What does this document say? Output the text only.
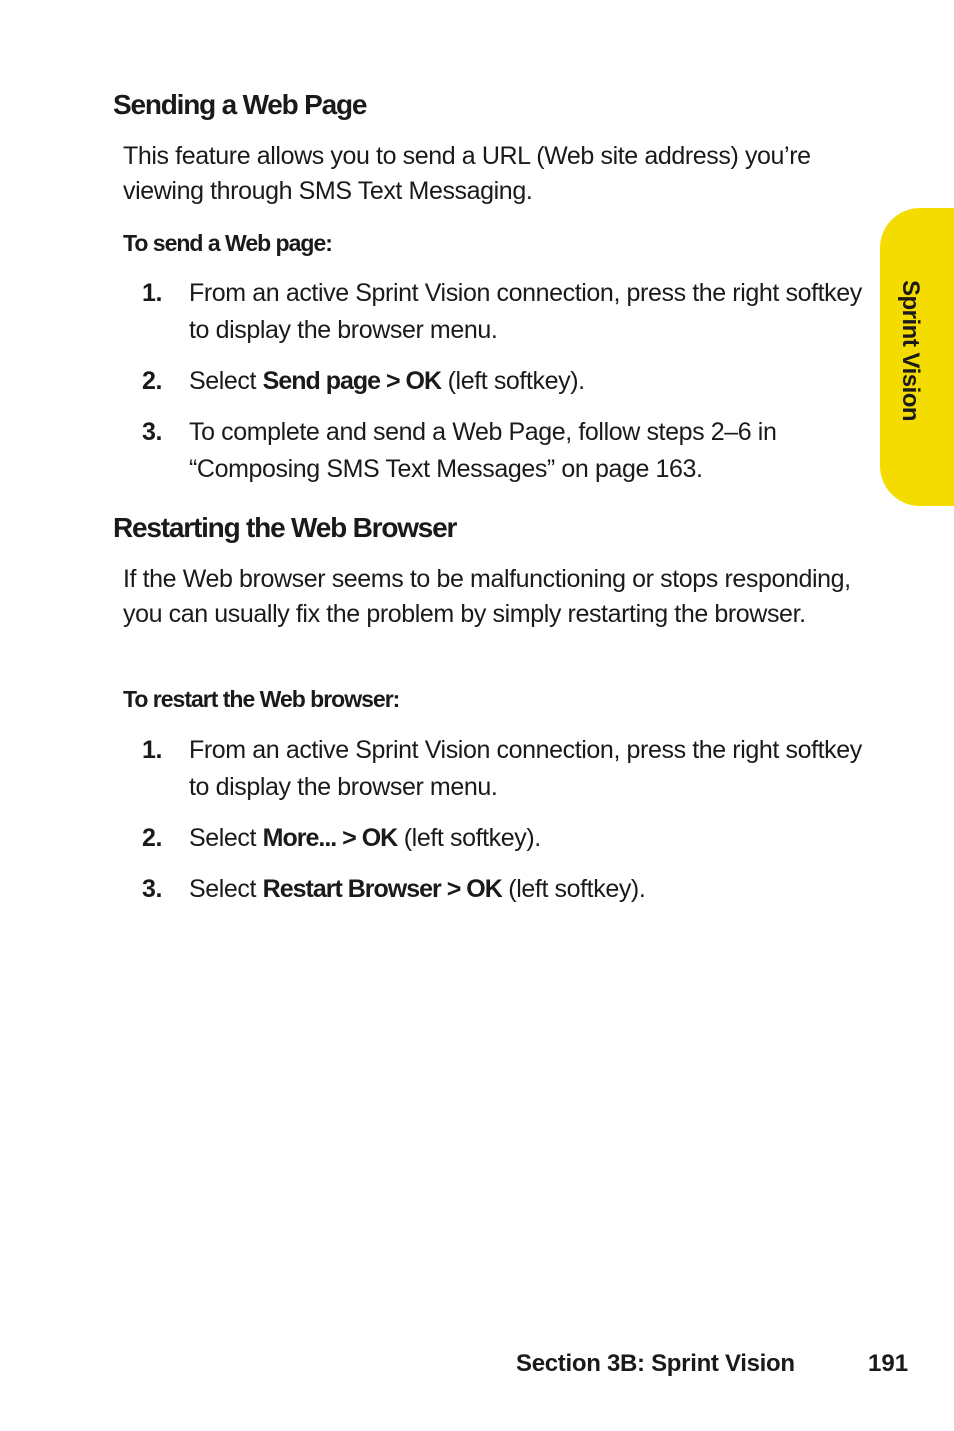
Sending a Web Page

This feature allows you to send a URL (Web site address) you’re viewing through SMS Text Messaging.

To send a Web page:
1. From an active Sprint Vision connection, press the right softkey to display the browser menu.
2. Select Send page > OK (left softkey).
3. To complete and send a Web Page, follow steps 2–6 in “Composing SMS Text Messages” on page 163.
Restarting the Web Browser

If the Web browser seems to be malfunctioning or stops responding, you can usually fix the problem by simply restarting the browser.

To restart the Web browser:
1. From an active Sprint Vision connection, press the right softkey to display the browser menu.
2. Select More... > OK (left softkey).
3. Select Restart Browser > OK (left softkey).
Sprint Vision
Section 3B: Sprint Vision	191
